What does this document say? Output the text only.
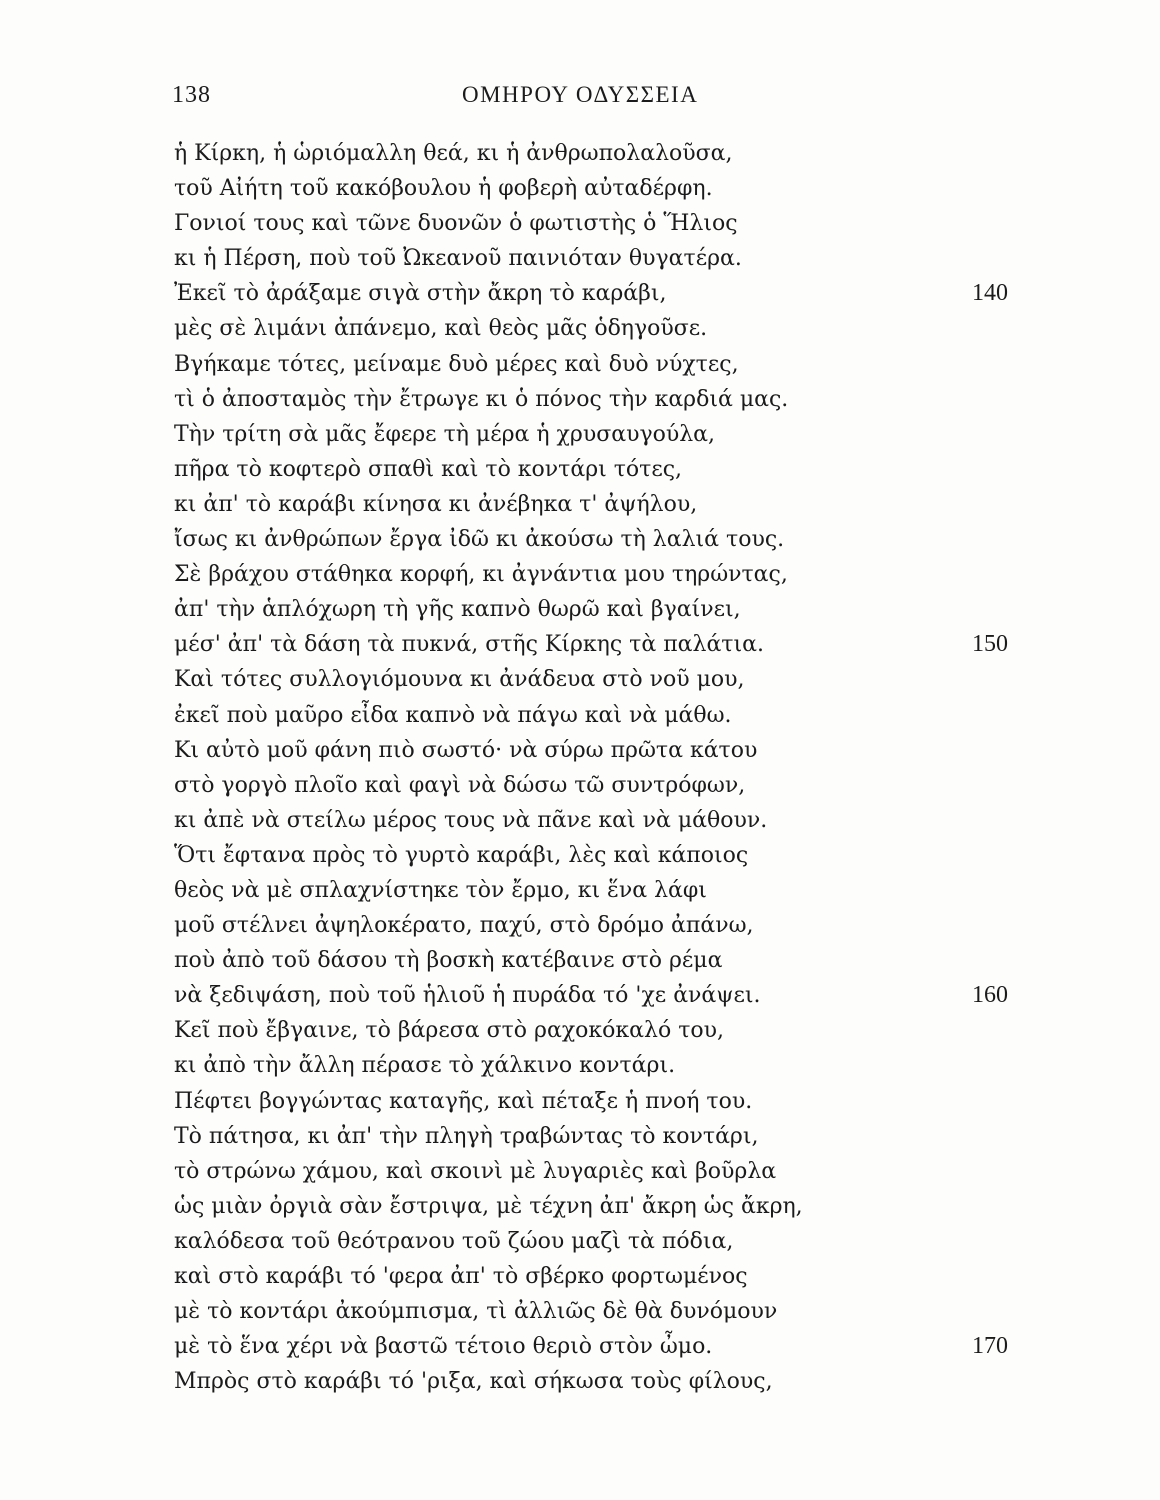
138	ΟΜΗΡΟΥ ΟΔΥΣΣΕΙΑ
ἡ Κίρκη, ἡ ὡριόμαλλη θεά, κι ἡ ἀνθρωπολαλοῦσα,
τοῦ Αἰήτη τοῦ κακόβουλου ἡ φοβερὴ αὐταδέρφη.
Γονιοί τους καὶ τῶνε δυονῶν ὁ φωτιστὴς ὁ Ἥλιος
κι ἡ Πέρση, ποὺ τοῦ Ὠκεανοῦ παινιόταν θυγατέρα.
Ἐκεῖ τὸ ἀράξαμε σιγὰ στὴν ἄκρη τὸ καράβι,	140
μὲς σὲ λιμάνι ἀπάνεμο, καὶ θεὸς μᾶς ὁδηγοῦσε.
Βγήκαμε τότες, μείναμε δυὸ μέρες καὶ δυὸ νύχτες,
τὶ ὁ ἀποσταμὸς τὴν ἔτρωγε κι ὁ πόνος τὴν καρδιά μας.
Τὴν τρίτη σὰ μᾶς ἔφερε τὴ μέρα ἡ χρυσαυγούλα,
πῆρα τὸ κοφτερὸ σπαθὶ καὶ τὸ κοντάρι τότες,
κι ἀπ' τὸ καράβι κίνησα κι ἀνέβηκα τ' ἀψήλου,
ἴσως κι ἀνθρώπων ἔργα ἰδῶ κι ἀκούσω τὴ λαλιά τους.
Σὲ βράχου στάθηκα κορφή, κι ἀγνάντια μου τηρώντας,
ἀπ' τὴν ἁπλόχωρη τὴ γῆς καπνὸ θωρῶ καὶ βγαίνει,
μέσ' ἀπ' τὰ δάση τὰ πυκνά, στῆς Κίρκης τὰ παλάτια.	150
Καὶ τότες συλλογιόμουνα κι ἀνάδευα στὸ νοῦ μου,
ἐκεῖ ποὺ μαῦρο εἶδα καπνὸ νὰ πάγω καὶ νὰ μάθω.
Κι αὐτὸ μοῦ φάνη πιὸ σωστό· νὰ σύρω πρῶτα κάτου
στὸ γοργὸ πλοῖο καὶ φαγὶ νὰ δώσω τῶ συντρόφων,
κι ἀπὲ νὰ στείλω μέρος τους νὰ πᾶνε καὶ νὰ μάθουν.
Ὅτι ἔφτανα πρὸς τὸ γυρτὸ καράβι, λὲς καὶ κάποιος
θεὸς νὰ μὲ σπλαχνίστηκε τὸν ἔρμο, κι ἕνα λάφι
μοῦ στέλνει ἀψηλοκέρατο, παχύ, στὸ δρόμο ἀπάνω,
ποὺ ἀπὸ τοῦ δάσου τὴ βοσκὴ κατέβαινε στὸ ρέμα
νὰ ξεδιψάση, ποὺ τοῦ ἡλιοῦ ἡ πυράδα τό 'χε ἀνάψει.	160
Κεῖ ποὺ ἔβγαινε, τὸ βάρεσα στὸ ραχοκόκαλό του,
κι ἀπὸ τὴν ἄλλη πέρασε τὸ χάλκινο κοντάρι.
Πέφτει βογγώντας καταγῆς, καὶ πέταξε ἡ πνοή του.
Τὸ πάτησα, κι ἀπ' τὴν πληγὴ τραβώντας τὸ κοντάρι,
τὸ στρώνω χάμου, καὶ σκοινὶ μὲ λυγαριὲς καὶ βοῦρλα
ὡς μιὰν ὀργιὰ σὰν ἔστριψα, μὲ τέχνη ἀπ' ἄκρη ὡς ἄκρη,
καλόδεσα τοῦ θεότρανου τοῦ ζώου μαζὶ τὰ πόδια,
καὶ στὸ καράβι τό 'φερα ἀπ' τὸ σβέρκο φορτωμένος
μὲ τὸ κοντάρι ἀκούμπισμα, τὶ ἀλλιῶς δὲ θὰ δυνόμουν
μὲ τὸ ἕνα χέρι νὰ βαστῶ τέτοιο θεριὸ στὸν ὦμο.	170
Μπρὸς στὸ καράβι τό 'ριξα, καὶ σήκωσα τοὺς φίλους,
